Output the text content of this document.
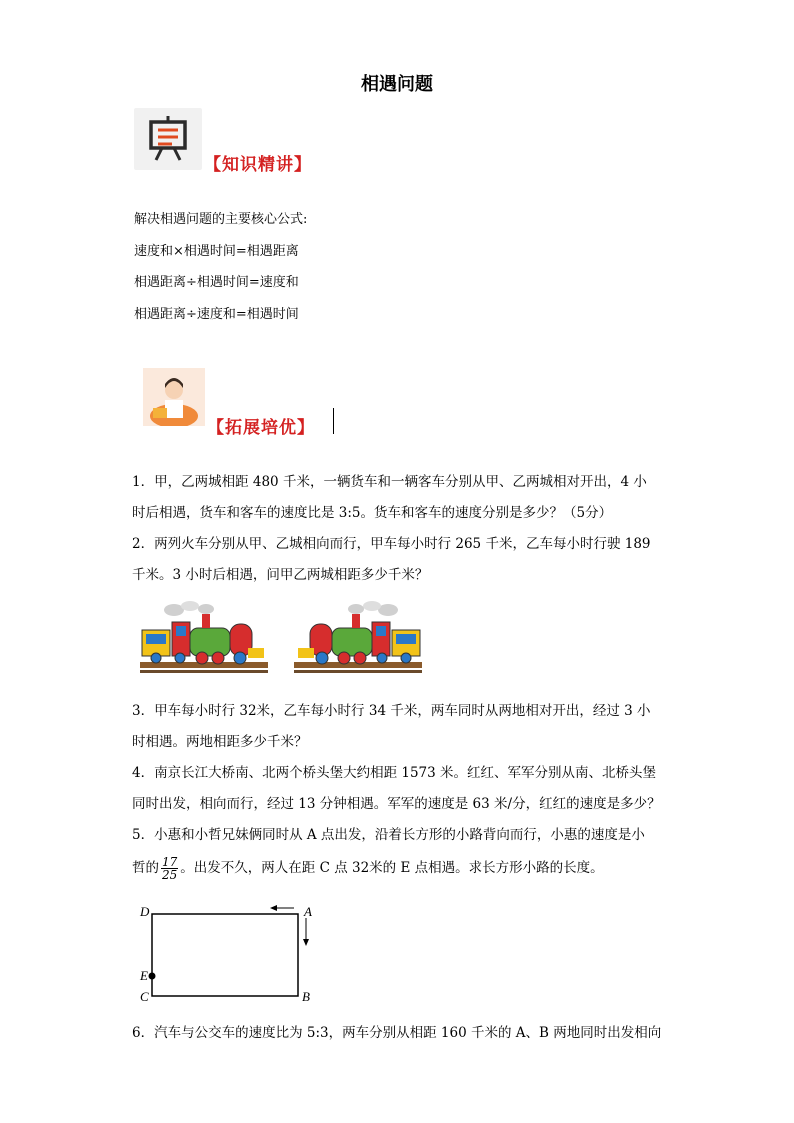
相遇问题
【知识精讲】
解决相遇问题的主要核心公式:
速度和×相遇时间=相遇距离
相遇距离÷相遇时间=速度和
相遇距离÷速度和=相遇时间
【拓展培优】
1．甲，乙两城相距 480 千米，一辆货车和一辆客车分别从甲、乙两城相对开出，4 小
时后相遇，货车和客车的速度比是 3:5。货车和客车的速度分别是多少？（5分）
2．两列火车分别从甲、乙城相向而行，甲车每小时行 265 千米，乙车每小时行驶 189
千米。3 小时后相遇，问甲乙两城相距多少千米？
3．甲车每小时行 32米，乙车每小时行 34 千米，两车同时从两地相对开出，经过 3 小
时相遇。两地相距多少千米？
4．南京长江大桥南、北两个桥头堡大约相距 1573 米。红红、军军分别从南、北桥头堡
同时出发，相向而行，经过 13 分钟相遇。军军的速度是 63 米/分，红红的速度是多少？
5．小惠和小哲兄妹俩同时从 A 点出发，沿着长方形的小路背向而行，小惠的速度是小
哲的 $\frac{17}{25}$ 。出发不久，两人在距 C 点 32米的 E 点相遇。求长方形小路的长度。
D	A
E
C	B
6．汽车与公交车的速度比为 5:3，两车分别从相距 160 千米的 A、B 两地同时出发相向
